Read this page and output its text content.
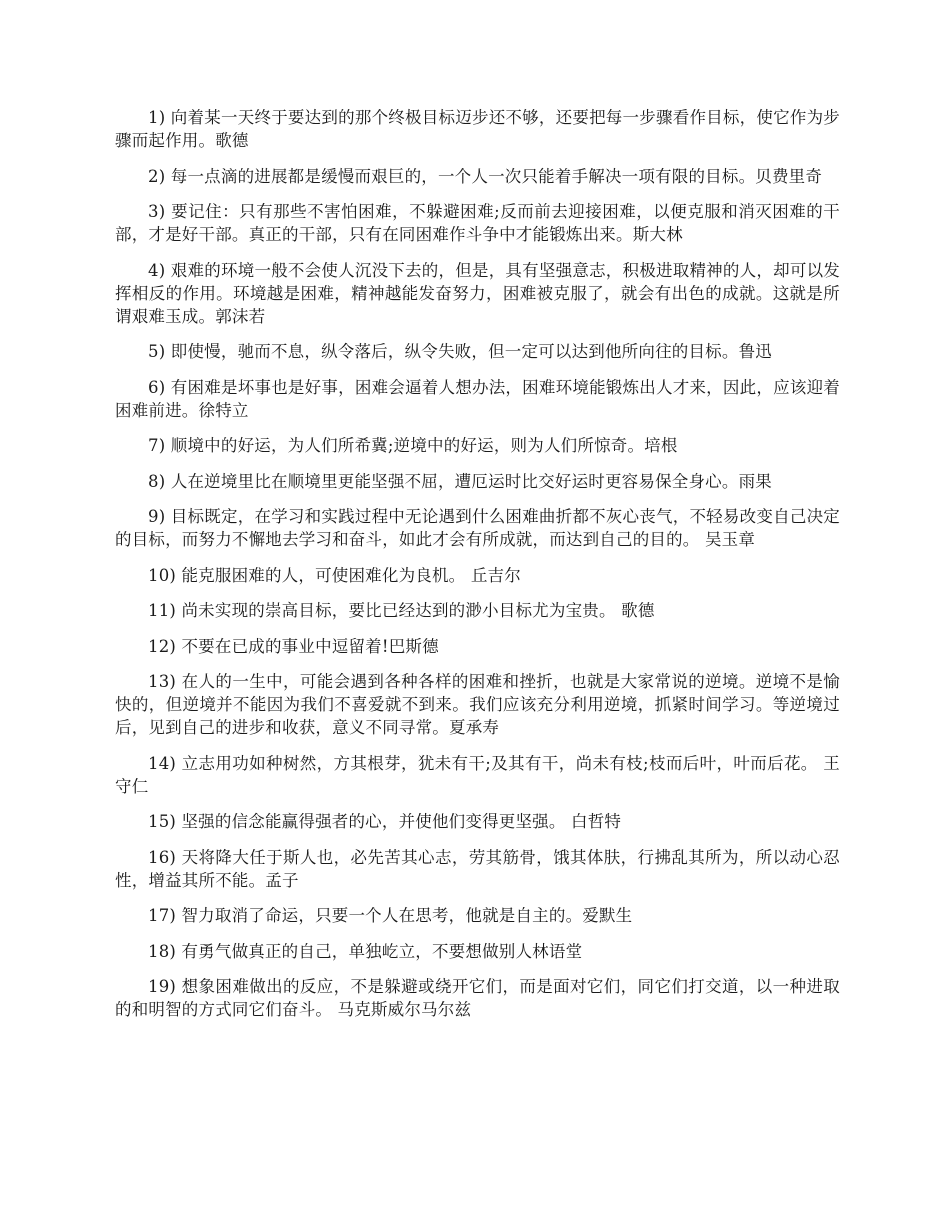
1) 向着某一天终于要达到的那个终极目标迈步还不够，还要把每一步骤看作目标，使它作为步骤而起作用。歌德

2) 每一点滴的进展都是缓慢而艰巨的，一个人一次只能着手解决一项有限的目标。贝费里奇

3) 要记住：只有那些不害怕困难，不躲避困难;反而前去迎接困难，以便克服和消灭困难的干部，才是好干部。真正的干部，只有在同困难作斗争中才能锻炼出来。斯大林

4) 艰难的环境一般不会使人沉没下去的，但是，具有坚强意志，积极进取精神的人，却可以发挥相反的作用。环境越是困难，精神越能发奋努力，困难被克服了，就会有出色的成就。这就是所谓艰难玉成。郭沫若

5) 即使慢，驰而不息，纵令落后，纵令失败，但一定可以达到他所向往的目标。鲁迅

6) 有困难是坏事也是好事，困难会逼着人想办法，困难环境能锻炼出人才来，因此，应该迎着困难前进。徐特立

7) 顺境中的好运，为人们所希冀;逆境中的好运，则为人们所惊奇。培根

8) 人在逆境里比在顺境里更能坚强不屈，遭厄运时比交好运时更容易保全身心。雨果

9) 目标既定，在学习和实践过程中无论遇到什么困难曲折都不灰心丧气，不轻易改变自己决定的目标，而努力不懈地去学习和奋斗，如此才会有所成就，而达到自己的目的。 吴玉章

10) 能克服困难的人，可使困难化为良机。 丘吉尔

11) 尚未实现的崇高目标，要比已经达到的渺小目标尤为宝贵。 歌德

12) 不要在已成的事业中逗留着!巴斯德

13) 在人的一生中，可能会遇到各种各样的困难和挫折，也就是大家常说的逆境。逆境不是愉快的，但逆境并不能因为我们不喜爱就不到来。我们应该充分利用逆境，抓紧时间学习。等逆境过后，见到自己的进步和收获，意义不同寻常。夏承寿

14) 立志用功如种树然，方其根芽，犹未有干;及其有干，尚未有枝;枝而后叶，叶而后花。 王守仁

15) 坚强的信念能赢得强者的心，并使他们变得更坚强。 白哲特

16) 天将降大任于斯人也，必先苦其心志，劳其筋骨，饿其体肤，行拂乱其所为，所以动心忍性，增益其所不能。孟子

17) 智力取消了命运，只要一个人在思考，他就是自主的。爱默生

18) 有勇气做真正的自己，单独屹立，不要想做别人林语堂

19) 想象困难做出的反应，不是躲避或绕开它们，而是面对它们，同它们打交道，以一种进取的和明智的方式同它们奋斗。 马克斯威尔马尔兹
